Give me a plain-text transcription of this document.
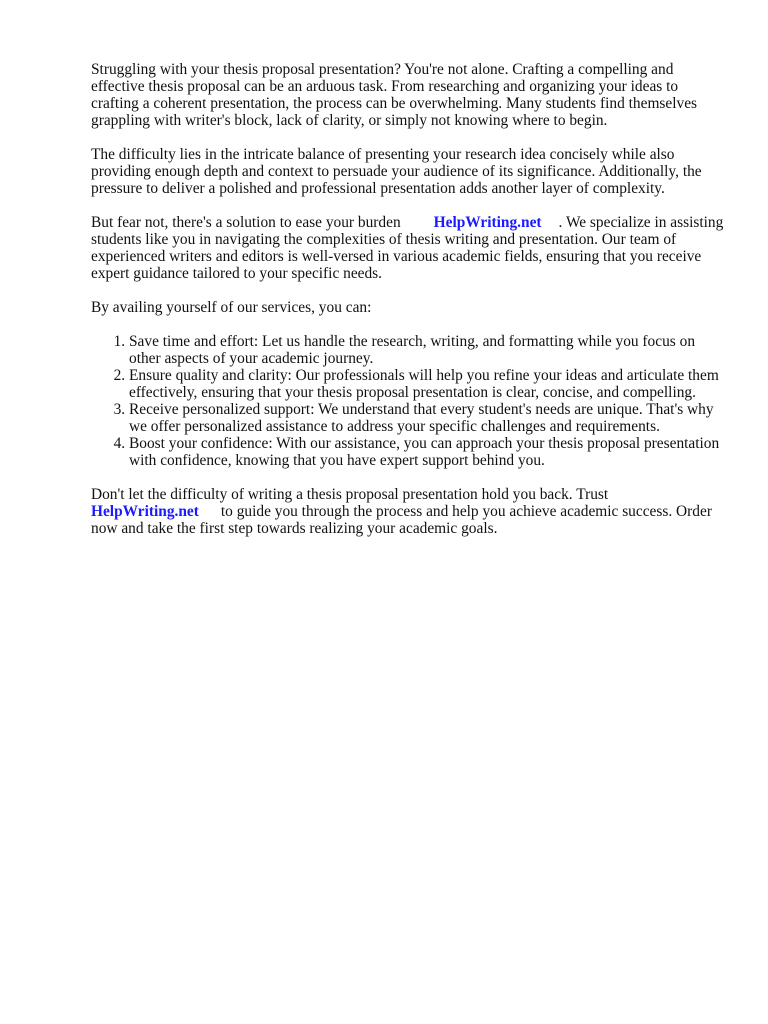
Struggling with your thesis proposal presentation? You're not alone. Crafting a compelling and effective thesis proposal can be an arduous task. From researching and organizing your ideas to crafting a coherent presentation, the process can be overwhelming. Many students find themselves grappling with writer's block, lack of clarity, or simply not knowing where to begin.

The difficulty lies in the intricate balance of presenting your research idea concisely while also providing enough depth and context to persuade your audience of its significance. Additionally, the pressure to deliver a polished and professional presentation adds another layer of complexity.

But fear not, there's a solution to ease your burden HelpWriting.net . We specialize in assisting students like you in navigating the complexities of thesis writing and presentation. Our team of experienced writers and editors is well-versed in various academic fields, ensuring that you receive expert guidance tailored to your specific needs.

By availing yourself of our services, you can:

1. Save time and effort: Let us handle the research, writing, and formatting while you focus on other aspects of your academic journey.
2. Ensure quality and clarity: Our professionals will help you refine your ideas and articulate them effectively, ensuring that your thesis proposal presentation is clear, concise, and compelling.
3. Receive personalized support: We understand that every student's needs are unique. That's why we offer personalized assistance to address your specific challenges and requirements.
4. Boost your confidence: With our assistance, you can approach your thesis proposal presentation with confidence, knowing that you have expert support behind you.

Don't let the difficulty of writing a thesis proposal presentation hold you back. Trust
HelpWriting.net to guide you through the process and help you achieve academic success. Order now and take the first step towards realizing your academic goals.
